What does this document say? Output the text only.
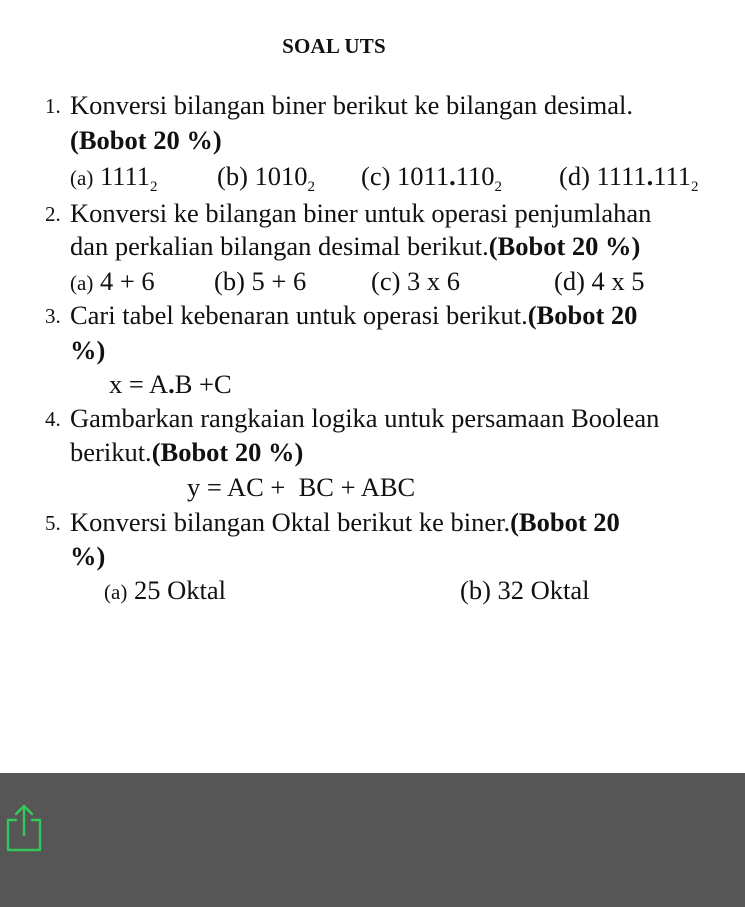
SOAL UTS
1. Konversi bilangan biner berikut ke bilangan desimal.
(Bobot 20 %)
(a) $1111_2$ (b) $1010_2$ (c) $1011.110_2$ (d) $1111.111_2$
2. Konversi ke bilangan biner untuk operasi penjumlahan
dan perkalian bilangan desimal berikut.(Bobot 20 %)
(a) 4 + 6 (b) 5 + 6 (c) 3 x 6	(d) 4 x 5
3. Cari tabel kebenaran untuk operasi berikut.(Bobot 20
%)
x = A.B +C
4. Gambarkan rangkaian logika untuk persamaan Boolean
berikut.(Bobot 20 %)
y = AC +  BC + ABC
5. Konversi bilangan Oktal berikut ke biner.(Bobot 20
%)
(a) 25 Oktal	(b) 32 Oktal
